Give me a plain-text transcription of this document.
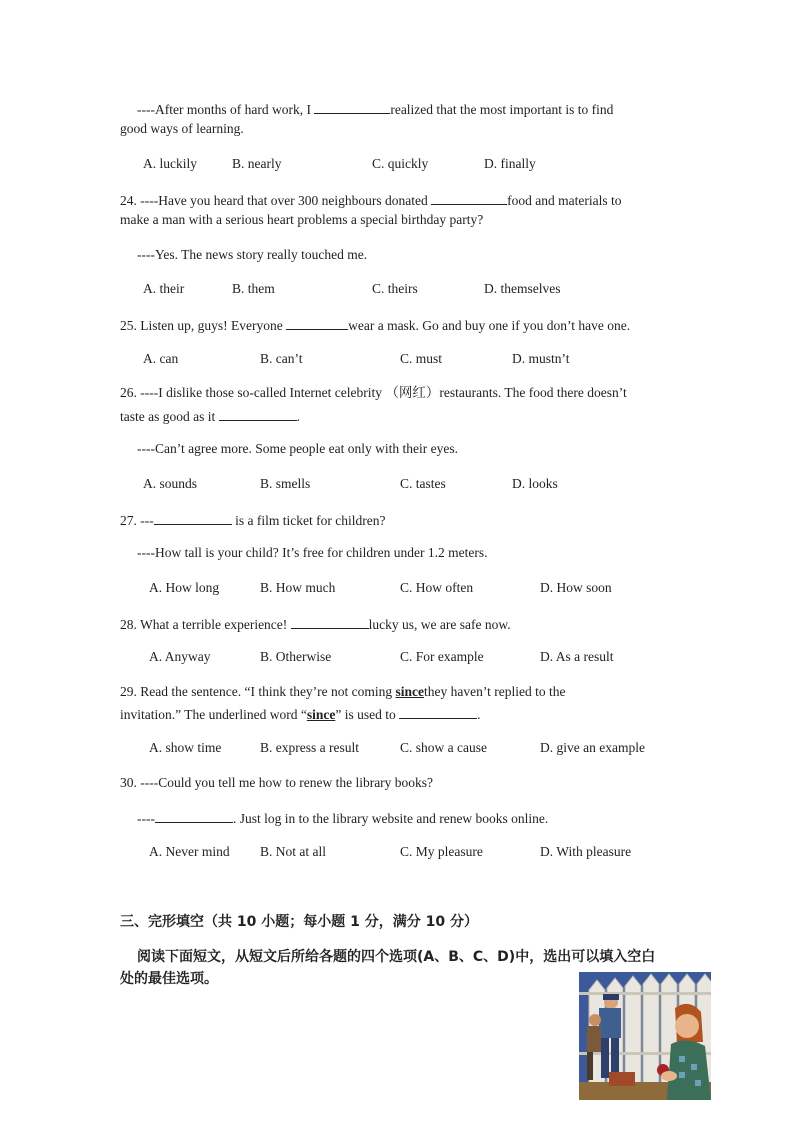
----After months of hard work, I	realized that the most important is to find
good ways of learning.
A. luckily	B. nearly	C. quickly	D. finally
24. ----Have you heard that over 300 neighbours donated	food and materials to
make a man with a serious heart problems a special birthday party?
----Yes. The news story really touched me.
A. their	B. them	C. theirs	D. themselves
25. Listen up, guys! Everyone	wear a mask. Go and buy one if you don’t have one.
A. can	B. can’t	C. must	D. mustn’t
26. ----I dislike those so-called Internet celebrity （网红）restaurants. The food there doesn’t
taste as good as it	.
----Can’t agree more. Some people eat only with their eyes.
A. sounds	B. smells	C. tastes	D. looks
27. ---	is a film ticket for children?
----How tall is your child? It’s free for children under 1.2 meters.
A. How long	B. How much	C. How often	D. How soon
28. What a terrible experience!	lucky us, we are safe now.
A. Anyway	B. Otherwise	C. For example	D. As a result
29. Read the sentence. “I think they’re not coming sincethey haven’t replied to the
invitation.” The underlined word “since” is used to	.
A. show time	B. express a result	C. show a cause	D. give an example
30. ----Could you tell me how to renew the library books?
----	. Just log in to the library website and renew books online.
A. Never mind B. Not at all	C. My pleasure	D. With pleasure
三、完形填空（共 10 小题；每小题 1 分，满分 10 分）
阅读下面短文，从短文后所给各题的四个选项(A、B、C、D)中，选出可以填入空白
处的最佳选项。
